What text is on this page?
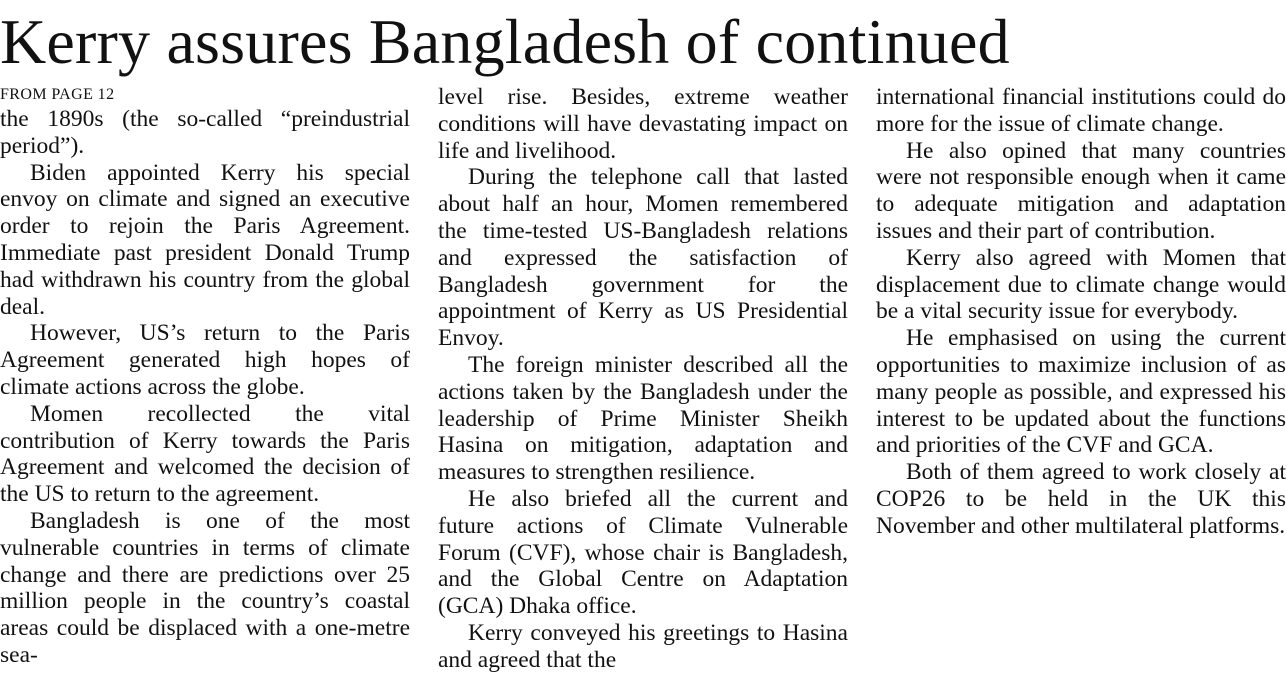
Kerry assures Bangladesh of continued
FROM PAGE 12

the 1890s (the so-called “preindustrial period”).

Biden appointed Kerry his special envoy on climate and signed an executive order to rejoin the Paris Agreement. Immediate past president Donald Trump had withdrawn his country from the global deal.

However, US’s return to the Paris Agreement generated high hopes of climate actions across the globe.

Momen recollected the vital contribution of Kerry towards the Paris Agreement and welcomed the decision of the US to return to the agreement.

Bangladesh is one of the most vulnerable countries in terms of climate change and there are predictions over 25 million people in the country’s coastal areas could be displaced with a one-metre sea-

level rise. Besides, extreme weather conditions will have devastating impact on life and livelihood.

During the telephone call that lasted about half an hour, Momen remembered the time-tested US-Bangladesh relations and expressed the satisfaction of Bangladesh government for the appointment of Kerry as US Presidential Envoy.

The foreign minister described all the actions taken by the Bangladesh under the leadership of Prime Minister Sheikh Hasina on mitigation, adaptation and measures to strengthen resilience.

He also briefed all the current and future actions of Climate Vulnerable Forum (CVF), whose chair is Bangladesh, and the Global Centre on Adaptation (GCA) Dhaka office.

Kerry conveyed his greetings to Hasina and agreed that the

international financial institutions could do more for the issue of climate change.

He also opined that many countries were not responsible enough when it came to adequate mitigation and adaptation issues and their part of contribution.

Kerry also agreed with Momen that displacement due to climate change would be a vital security issue for everybody.

He emphasised on using the current opportunities to maximize inclusion of as many people as possible, and expressed his interest to be updated about the functions and priorities of the CVF and GCA.

Both of them agreed to work closely at COP26 to be held in the UK this November and other multilateral platforms.
